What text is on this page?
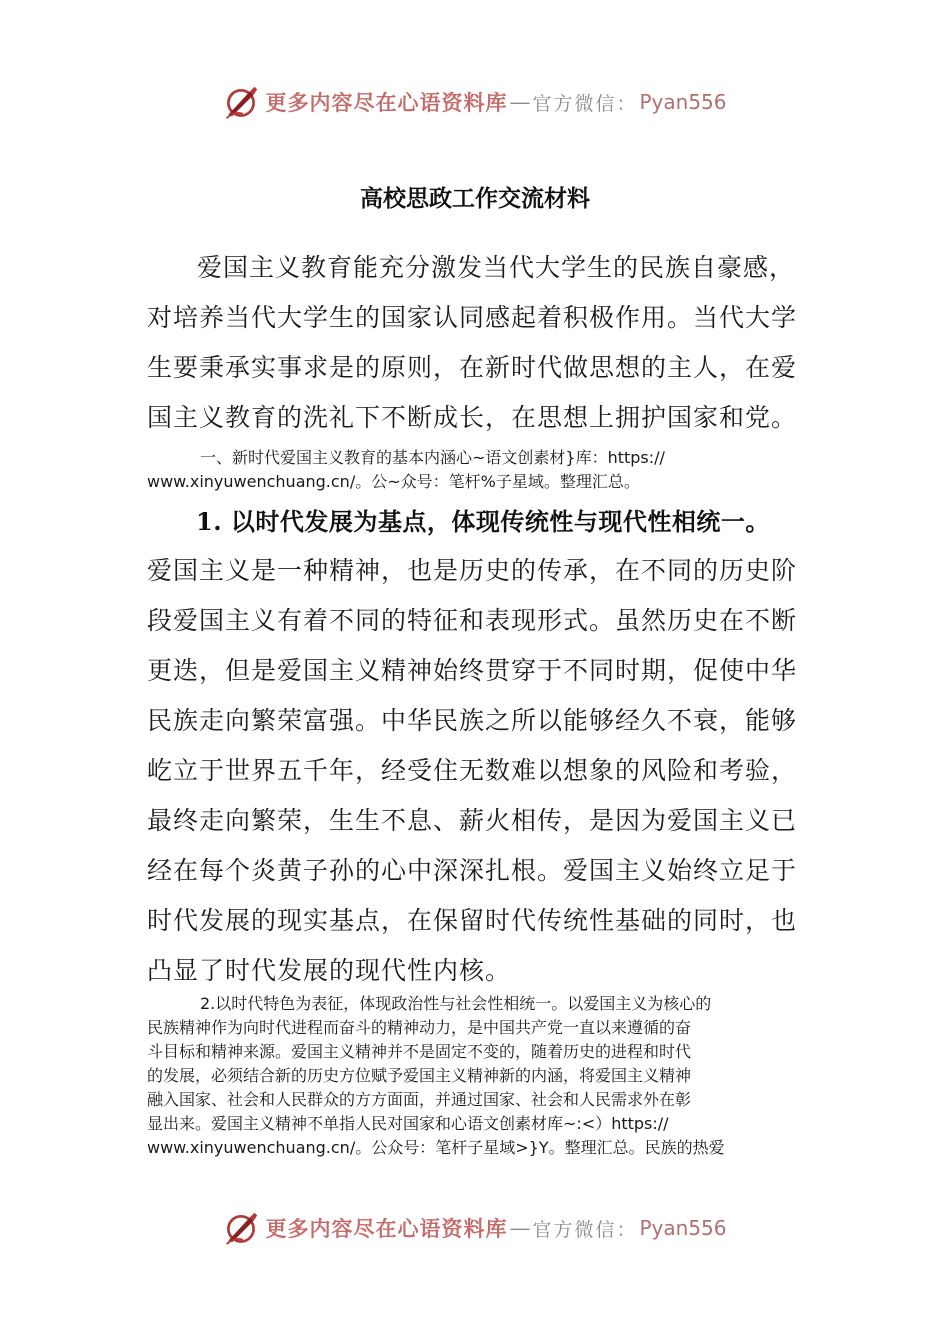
更多内容尽在心语资料库 — 官方微信： Pyan556
高校思政工作交流材料

爱国主义教育能充分激发当代大学生的民族自豪感，

对培养当代大学生的国家认同感起着积极作用。当代大学

生要秉承实事求是的原则，在新时代做思想的主人，在爱

国主义教育的洗礼下不断成长，在思想上拥护国家和党。

一、新时代爱国主义教育的基本内涵心~语文创素材}库：https://

www.xinyuwenchuang.cn/。公~众号：笔杆%子星域。整理汇总。

1. 以时代发展为基点，体现传统性与现代性相统一。

爱国主义是一种精神，也是历史的传承，在不同的历史阶

段爱国主义有着不同的特征和表现形式。虽然历史在不断

更迭，但是爱国主义精神始终贯穿于不同时期，促使中华

民族走向繁荣富强。中华民族之所以能够经久不衰，能够

屹立于世界五千年，经受住无数难以想象的风险和考验，

最终走向繁荣，生生不息、薪火相传，是因为爱国主义已

经在每个炎黄子孙的心中深深扎根。爱国主义始终立足于

时代发展的现实基点，在保留时代传统性基础的同时，也

凸显了时代发展的现代性内核。

2.以时代特色为表征，体现政治性与社会性相统一。以爱国主义为核心的

民族精神作为向时代进程而奋斗的精神动力，是中国共产党一直以来遵循的奋

斗目标和精神来源。爱国主义精神并不是固定不变的，随着历史的进程和时代

的发展，必须结合新的历史方位赋予爱国主义精神新的内涵，将爱国主义精神

融入国家、社会和人民群众的方方面面，并通过国家、社会和人民需求外在彰

显出来。爱国主义精神不单指人民对国家和心语文创素材库~:<）https://

www.xinyuwenchuang.cn/。公众号：笔杆子星域>}Y。整理汇总。民族的热爱

更多内容尽在心语资料库 — 官方微信： Pyan556
